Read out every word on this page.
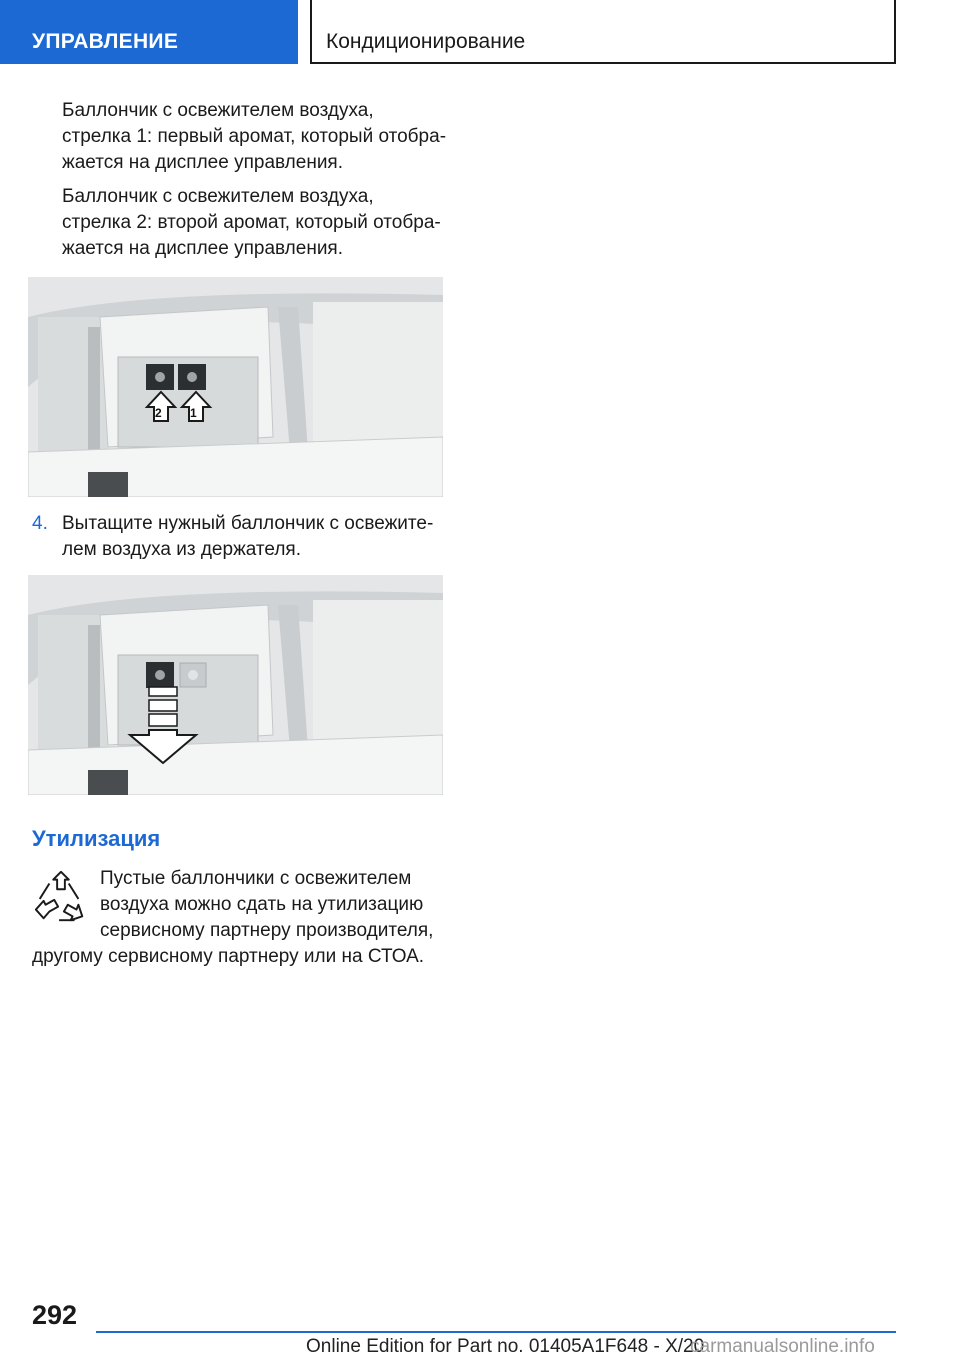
УПРАВЛЕНИЕ	Кондиционирование
Баллончик с освежителем воздуха,
стрелка 1: первый аромат, который отобра-
жается на дисплее управления.
Баллончик с освежителем воздуха,
стрелка 2: второй аромат, который отобра-
жается на дисплее управления.
2 1
4. Вытащите нужный баллончик с освежите-
лем воздуха из держателя.
Утилизация
Пустые баллончики с освежителем
воздуха можно сдать на утилизацию
сервисному партнеру производителя,
другому сервисному партнеру или на СТОА.
292
Online Edition for Part no. 01405A1F648 - X/20
carmanualsonline.info
